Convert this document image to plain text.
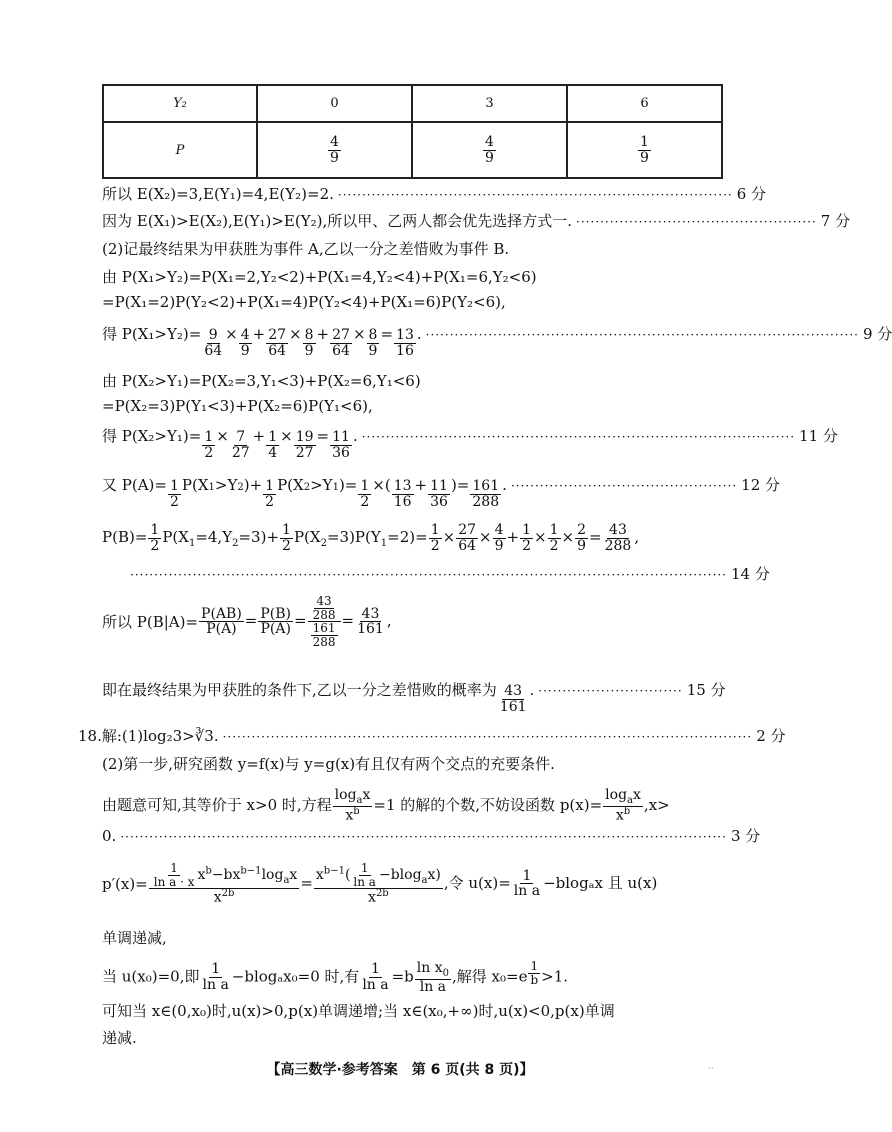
Y₂	0	3	6
P	$\frac{4}{9}$	$\frac{4}{9}$	$\frac{1}{9}$
所以 E(X₂)=3,E(Y₁)=4,E(Y₂)=2. ·················································································· 6 分
因为 E(X₁)>E(X₂),E(Y₁)>E(Y₂),所以甲、乙两人都会优先选择方式一. ·················································· 7 分
(2)记最终结果为甲获胜为事件 A,乙以一分之差惜败为事件 B.
由 P(X₁>Y₂)=P(X₁=2,Y₂<2)+P(X₁=4,Y₂<4)+P(X₁=6,Y₂<6)
=P(X₁=2)P(Y₂<2)+P(X₁=4)P(Y₂<4)+P(X₁=6)P(Y₂<6),
得 $P(X_1>Y_2)= \frac{9}{64} \times \frac{4}{9} + \frac{27}{64} \times \frac{8}{9} + \frac{27}{64} \times \frac{8}{9} = \frac{13}{16}$ . ·························································································· 9 分
由 P(X₂>Y₁)=P(X₂=3,Y₁<3)+P(X₂=6,Y₁<6)
=P(X₂=3)P(Y₁<3)+P(X₂=6)P(Y₁<6),
得 $P(X_2>Y_1)= \frac{1}{2} \times \frac{7}{27} + \frac{1}{4} \times \frac{19}{27} = \frac{11}{36}$ . ·························································································· 11 分
又 $P(A)= \frac{1}{2} P(X^1 >Y$ 2 )+ $\frac{1}{2} P(X^2 >Y$ 1 )= $\frac{1}{2}$ ×( $\frac{13}{16} + \frac{11}{36}$ )= $\frac{161}{288}$ . ··············································· 12 分
$P(B)= \frac{1}{2} P(X_1=4,Y_2=3)+ \frac{1}{2} P(X_2=3)P(Y_1=2)= \frac{1}{2} \times \frac{27}{64} \times \frac{4}{9} + \frac{1}{2} \times \frac{1}{2} \times \frac{2}{9} = \frac{43}{288}$ ,
···························································································································· 14 分
所以 $P(B|A)= \frac{P(AB)}{P(A)} = \frac{P(B)}{P(A)} = \frac{\frac{43}{288}}{\frac{161}{288}} = \frac{43}{161}$ ,
即在最终结果为甲获胜的条件下,乙以一分之差惜败的概率为 $\frac{43}{161}$ . ······························ 15 分
18.解:(1)log₂3>∛3. ·············································································································· 2 分
(2)第一步,研究函数 y=f(x)与 y=g(x)有且仅有两个交点的充要条件.
由题意可知,其等价于 x>0 时,方程 $\frac{\log_ax}{x^b} =1$ 的解的个数,不妨设函数 $p(x)= \frac{\log_ax}{x^b} ,x>$
0. ······························································································································ 3 分
$p'(x)= \frac{\frac{1}{\text{ln a · x}} x^b-bx^{b-1}\log_ax}{x^{2b}} = \frac{x^{b-1}( \frac{1}{\text{ln a}} -blog_ax)}{x^{2b}}$ ,令 $u(x)= \frac{1}{\text{ln a}} -blog_ax$ 且 u(x)
单调递减,
当 u(x₀)=0,即 $\frac{1}{\text{ln a}} -blog_ax_0=0$ 时,有 $\frac{1}{\text{ln a}} =b \frac{\ln x_0}{\text{ln a}}$ ,解得 x₀=e $^{\frac{1}{b}}$ >1.
可知当 x∈(0,x₀)时,u(x)>0,p(x)单调递增;当 x∈(x₀,+∞)时,u(x)<0,p(x)单调
递减.
【高三数学·参考答案　第 6 页(共 8 页)】	··
